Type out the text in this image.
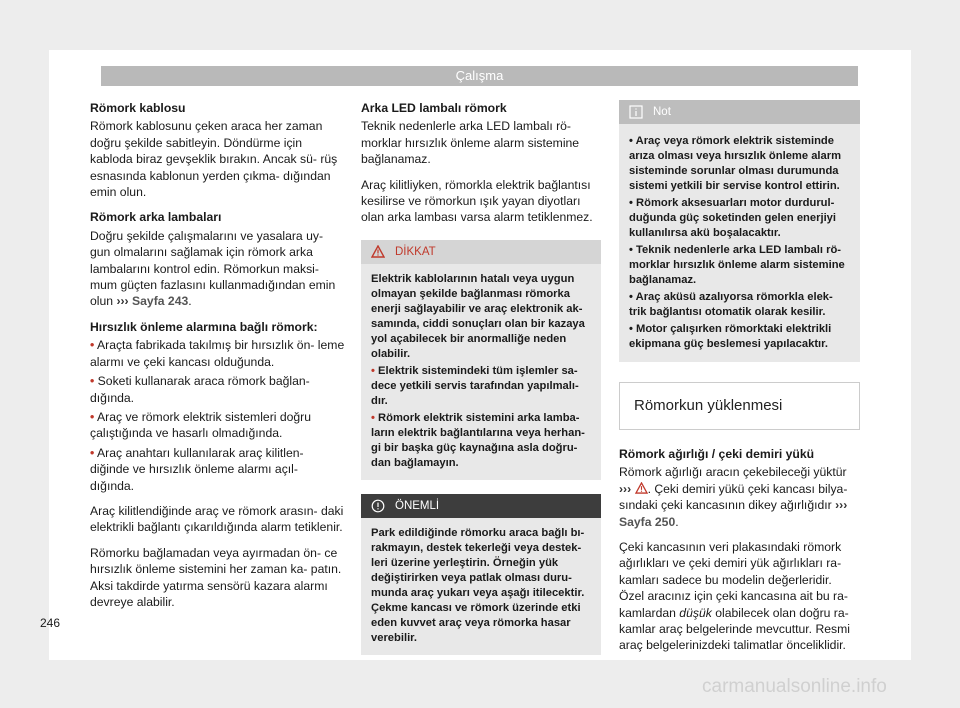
Çalışma
Römork kablosu

Römork kablosunu çeken araca her zaman doğru şekilde sabitleyin. Döndürme için kabloda biraz gevşeklik bırakın. Ancak sü- rüş esnasında kablonun yerden çıkma- dığından emin olun.

Römork arka lambaları

Doğru şekilde çalışmalarını ve yasalara uy- gun olmalarını sağlamak için römork arka lambalarını kontrol edin. Römorkun maksi- mum güçten fazlasını kullanmadığından emin olun ››› Sayfa 243.

Hırsızlık önleme alarmına bağlı römork:
• Araçta fabrikada takılmış bir hırsızlık ön- leme alarmı ve çeki kancası olduğunda.
• Soketi kullanarak araca römork bağlan- dığında.
• Araç ve römork elektrik sistemleri doğru çalıştığında ve hasarlı olmadığında.
• Araç anahtarı kullanılarak araç kilitlen- diğinde ve hırsızlık önleme alarmı açıl- dığında.

Araç kilitlendiğinde araç ve römork arasın- daki elektrikli bağlantı çıkarıldığında alarm tetiklenir.

Römorku bağlamadan veya ayırmadan ön- ce hırsızlık önleme sistemini her zaman ka- patın. Aksi takdirde yatırma sensörü kazara alarmı devreye alabilir.

Arka LED lambalı römork

Teknik nedenlerle arka LED lambalı rö- morklar hırsızlık önleme alarm sistemine bağlanamaz.

Araç kilitliyken, römorkla elektrik bağlantısı kesilirse ve römorkun ışık yayan diyotları olan arka lambası varsa alarm tetiklenmez.

DİKKAT
Elektrik kablolarının hatalı veya uygun olmayan şekilde bağlanması römorka enerji sağlayabilir ve araç elektronik ak- samında, ciddi sonuçları olan bir kazaya yol açabilecek bir anormalliğe neden olabilir.
• Elektrik sistemindeki tüm işlemler sa- dece yetkili servis tarafından yapılmalı- dır.
• Römork elektrik sistemini arka lamba- ların elektrik bağlantılarına veya herhan- gi bir başka güç kaynağına asla doğru- dan bağlamayın.
ÖNEMLİ
Park edildiğinde römorku araca bağlı bı- rakmayın, destek tekerleği veya destek- leri üzerine yerleştirin. Örneğin yük değiştirirken veya patlak olması duru- munda araç yukarı veya aşağı itilecektir. Çekme kancası ve römork üzerinde etki eden kuvvet araç veya römorka hasar verebilir.
Not
• Araç veya römork elektrik sisteminde arıza olması veya hırsızlık önleme alarm sisteminde sorunlar olması durumunda sistemi yetkili bir servise kontrol ettirin.
• Römork aksesuarları motor durdurul- duğunda güç soketinden gelen enerjiyi kullanılırsa akü boşalacaktır.
• Teknik nedenlerle arka LED lambalı rö- morklar hırsızlık önleme alarm sistemine bağlanamaz.
• Araç aküsü azalıyorsa römorkla elek- trik bağlantısı otomatik olarak kesilir.
• Motor çalışırken römorktaki elektrikli ekipmana güç beslemesi yapılacaktır.
Römorkun yüklenmesi
Römork ağırlığı / çeki demiri yükü

Römork ağırlığı aracın çekebileceği yüktür ››› . Çeki demiri yükü çeki kancası bilya- sındaki çeki kancasının dikey ağırlığıdır ››› Sayfa 250.

Çeki kancasının veri plakasındaki römork ağırlıkları ve çeki demiri yük ağırlıkları ra- kamları sadece bu modelin değerleridir. Özel aracınız için çeki kancasına ait bu ra- kamlardan düşük olabilecek olan doğru ra- kamlar araç belgelerinde mevcuttur. Resmi araç belgelerinizdeki talimatlar önceliklidir.

246
carmanualsonline.info
